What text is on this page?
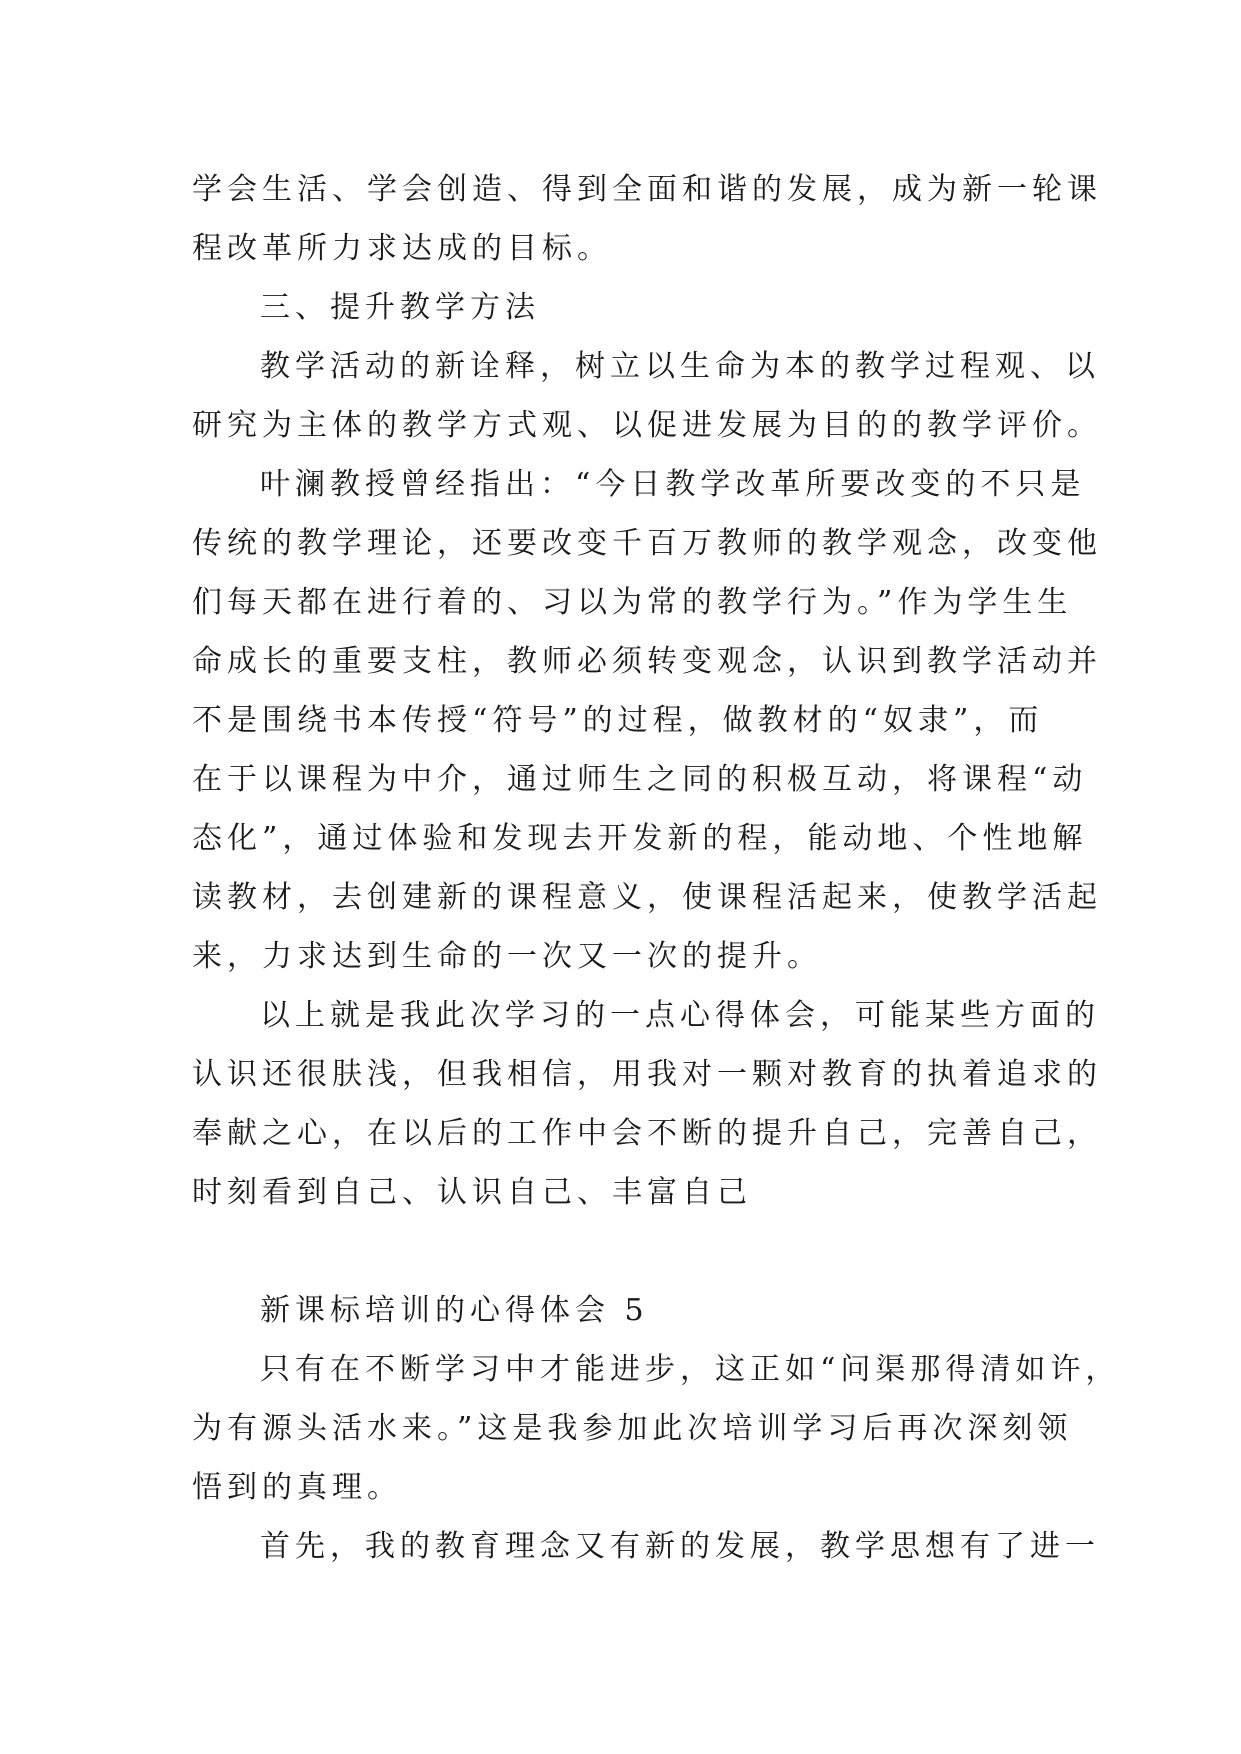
学会生活、学会创造、得到全面和谐的发展，成为新一轮课
程改革所力求达成的目标。
三、提升教学方法
教学活动的新诠释，树立以生命为本的教学过程观、以
研究为主体的教学方式观、以促进发展为目的的教学评价。
叶澜教授曾经指出：“今日教学改革所要改变的不只是
传统的教学理论，还要改变千百万教师的教学观念，改变他
们每天都在进行着的、习以为常的教学行为。”作为学生生
命成长的重要支柱，教师必须转变观念，认识到教学活动并
不是围绕书本传授“符号”的过程，做教材的“奴隶”，而
在于以课程为中介，通过师生之同的积极互动，将课程“动
态化”，通过体验和发现去开发新的程，能动地、个性地解
读教材，去创建新的课程意义，使课程活起来，使教学活起
来，力求达到生命的一次又一次的提升。
以上就是我此次学习的一点心得体会，可能某些方面的
认识还很肤浅，但我相信，用我对一颗对教育的执着追求的
奉献之心，在以后的工作中会不断的提升自己，完善自己，
时刻看到自己、认识自己、丰富自己
新课标培训的心得体会 5
只有在不断学习中才能进步，这正如“问渠那得清如许，
为有源头活水来。”这是我参加此次培训学习后再次深刻领
悟到的真理。
首先，我的教育理念又有新的发展，教学思想有了进一
